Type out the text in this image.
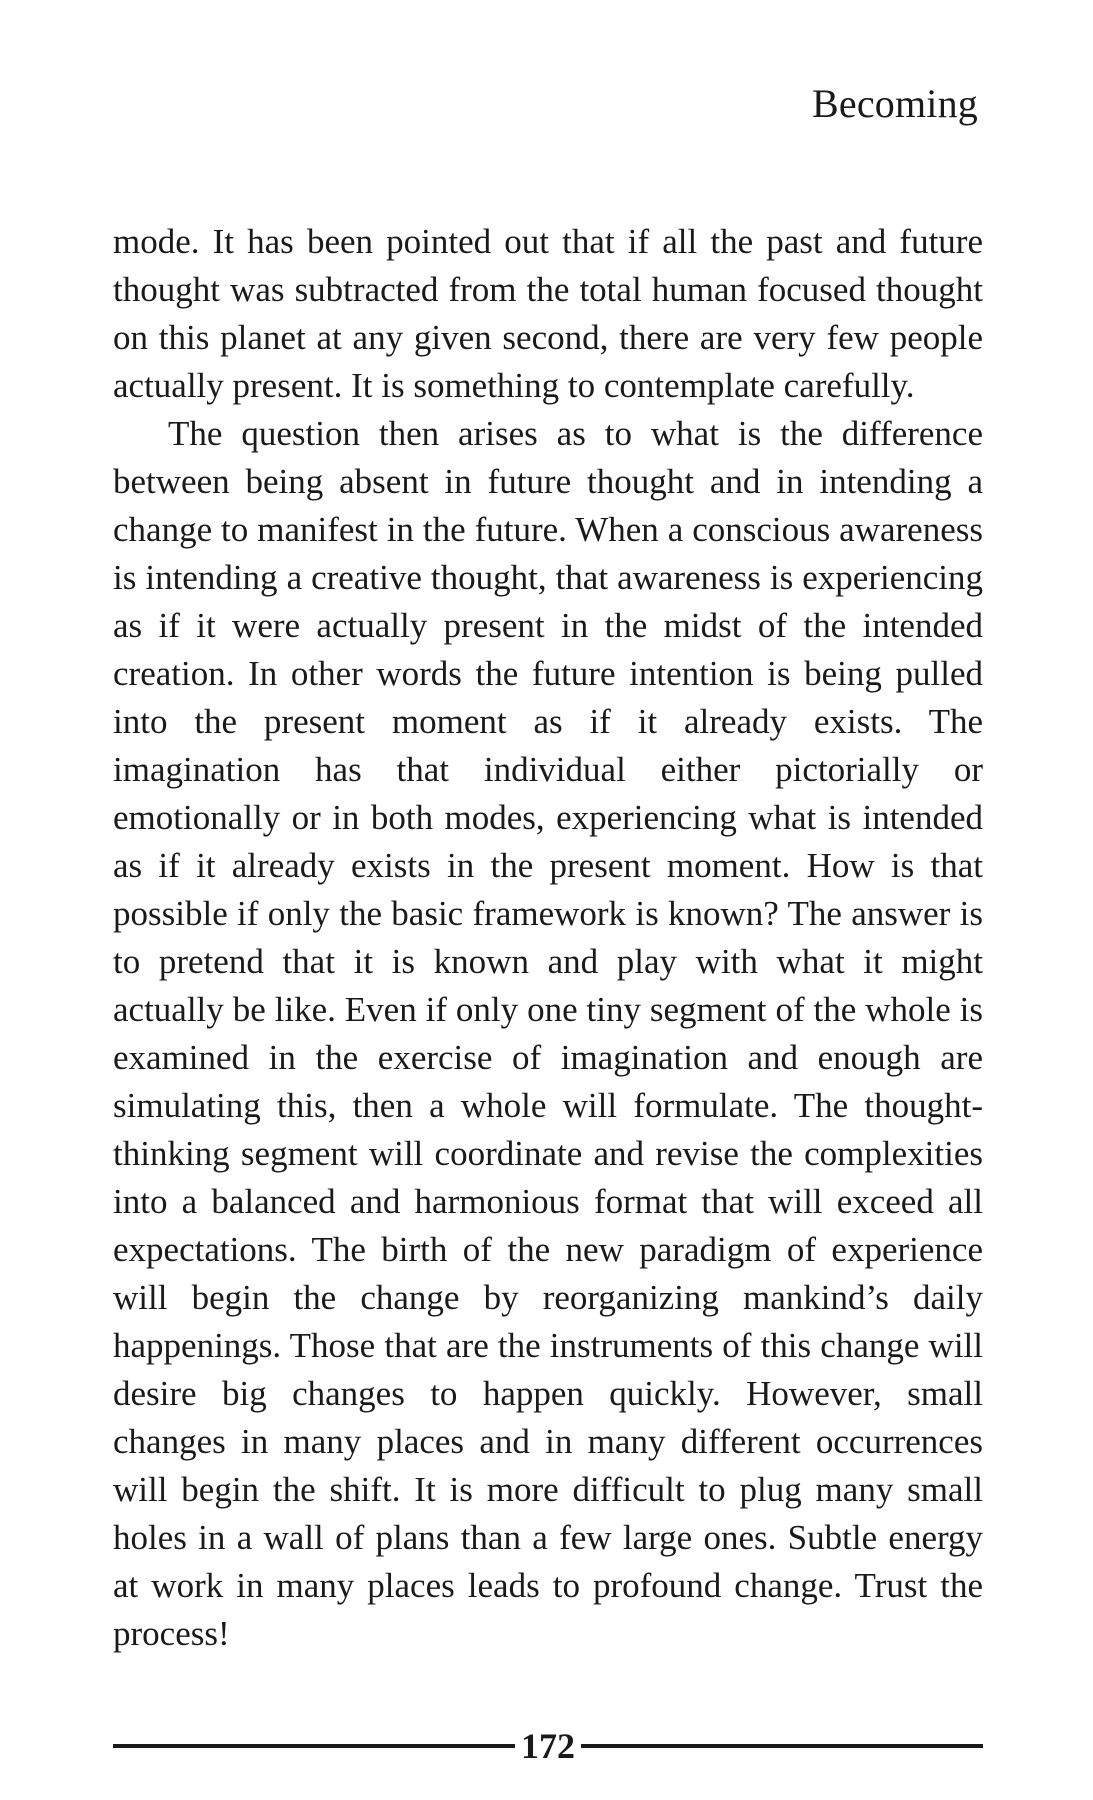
Becoming

mode. It has been pointed out that if all the past and future thought was subtracted from the total human focused thought on this planet at any given second, there are very few people actually present. It is something to contemplate carefully.

The question then arises as to what is the difference between being absent in future thought and in intending a change to manifest in the future. When a conscious awareness is intending a creative thought, that awareness is experiencing as if it were actually present in the midst of the intended creation. In other words the future intention is being pulled into the present moment as if it already exists. The imagination has that individual either pictorially or emotionally or in both modes, experiencing what is intended as if it already exists in the present moment. How is that possible if only the basic framework is known? The answer is to pretend that it is known and play with what it might actually be like. Even if only one tiny segment of the whole is examined in the exercise of imagination and enough are simulating this, then a whole will formulate. The thought-thinking segment will coordinate and revise the complexities into a balanced and harmonious format that will exceed all expectations. The birth of the new paradigm of experience will begin the change by reorganizing mankind’s daily happenings. Those that are the instruments of this change will desire big changes to happen quickly. However, small changes in many places and in many different occurrences will begin the shift. It is more difficult to plug many small holes in a wall of plans than a few large ones. Subtle energy at work in many places leads to profound change. Trust the process!

172
